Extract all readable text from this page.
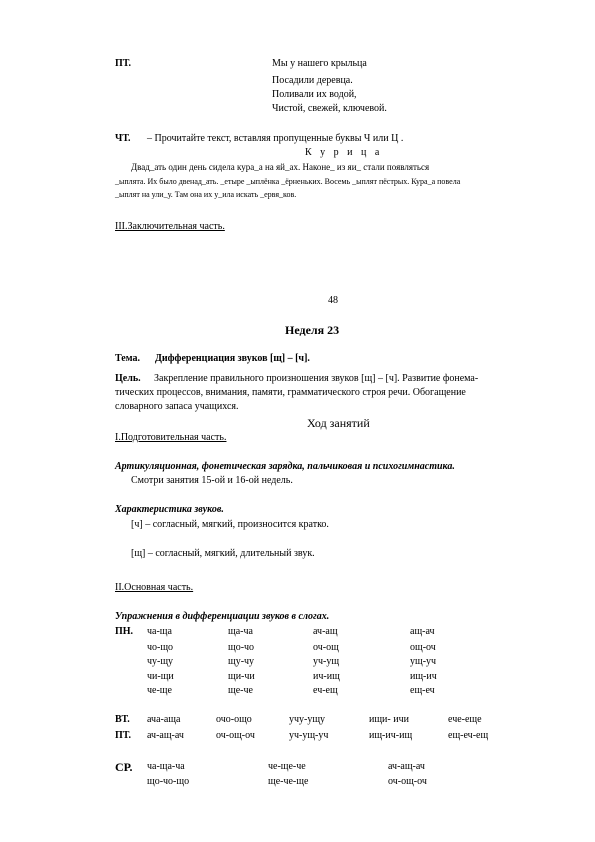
ПТ.	Мы у нашего крыльца
Посадили деревца.
Поливали их водой,
Чистой, свежей, ключевой.
ЧТ. – Прочитайте текст, вставляя пропущенные буквы Ч или Ц .
К у р и ц а
Двад_ать один день сидела кура_а на яй_ах. Наконе_ из яи_ стали появляться
_ыплята. Их было двенад_ать. _етыре _ыплёнка _ёрненьких. Восемь _ыплят пёстрых. Кура_а повела
_ыплят на ули_у. Там она их у_ила искать _ервя_ков.
III.Заключительная часть.
48
Неделя 23
Тема. Дифференциация звуков [щ] – [ч].
Цель. Закрепление правильного произношения звуков [щ] – [ч]. Развитие фонема-
тических процессов, внимания, памяти, грамматического строя речи. Обогащение
словарного запаса учащихся.
Ход занятий
I.Подготовительная часть.
Артикуляционная, фонетическая зарядка, пальчиковая и психогимнастика.
Смотри занятия 15-ой и 16-ой недель.
Характеристика звуков.
[ч] – согласный, мягкий, произносится кратко.
[щ] – согласный, мягкий, длительный звук.
II.Основная часть.
Упражнения в дифференциации звуков в слогах.
ПН. ча-ща	ща-ча	ач-ащ	ащ-ач
чо-що	що-чо	оч-ощ	ощ-оч
чу-щу	щу-чу	уч-ущ	ущ-уч
чи-щи	щи-чи	ич-ищ	ищ-ич
че-ще	ще-че	еч-ещ	ещ-еч
ВТ. ача-аща	очо-ощо	учу-ущу	ищи- ичи	ече-еще
ПТ. ач-ащ-ач	оч-ощ-оч	уч-ущ-уч	ищ-ич-ищ	ещ-еч-ещ
СР. ча-ща-ча	че-ще-че	ач-ащ-ач
що-чо-що	ще-че-ще	оч-ощ-оч
